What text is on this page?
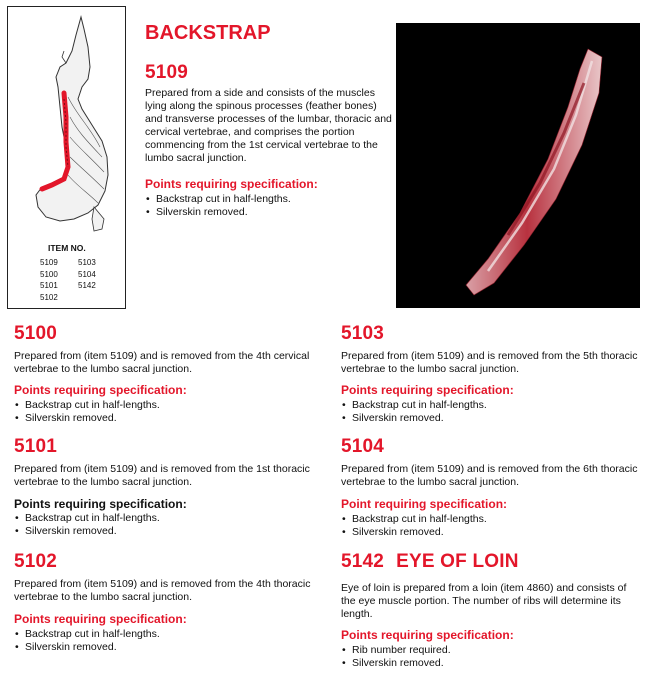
ITEM NO.
5109
5100
5101
5102
5103
5104
5142
BACKSTRAP
5109
Prepared from a side and consists of the muscles lying along the spinous processes (feather bones) and transverse processes of the lumbar, thoracic and cervical vertebrae, and comprises the portion commencing from the 1st cervical vertebrae to the lumbo sacral junction.
Points requiring specification:
• Backstrap cut in half-lengths.
• Silverskin removed.
5100
Prepared from (item 5109) and is removed from the 4th cervical vertebrae to the lumbo sacral junction.
Points requiring specification:
• Backstrap cut in half-lengths.
• Silverskin removed.
5101
Prepared from (item 5109) and is removed from the 1st thoracic vertebrae to the lumbo sacral junction.
Points requiring specification:
• Backstrap cut in half-lengths.
• Silverskin removed.
5102
Prepared from (item 5109) and is removed from the 4th thoracic vertebrae to the lumbo sacral junction.
Points requiring specification:
• Backstrap cut in half-lengths.
• Silverskin removed.
5103
Prepared from (item 5109) and is removed from the 5th thoracic vertebrae to the lumbo sacral junction.
Points requiring specification:
• Backstrap cut in half-lengths.
• Silverskin removed.
5104
Prepared from (item 5109) and is removed from the 6th thoracic vertebrae to the lumbo sacral junction.
Point requiring specification:
• Backstrap cut in half-lengths.
• Silverskin removed.
5142 EYE OF LOIN
Eye of loin is prepared from a loin (item 4860) and consists of the eye muscle portion. The number of ribs will determine its length.
Points requiring specification:
• Rib number required.
• Silverskin removed.
